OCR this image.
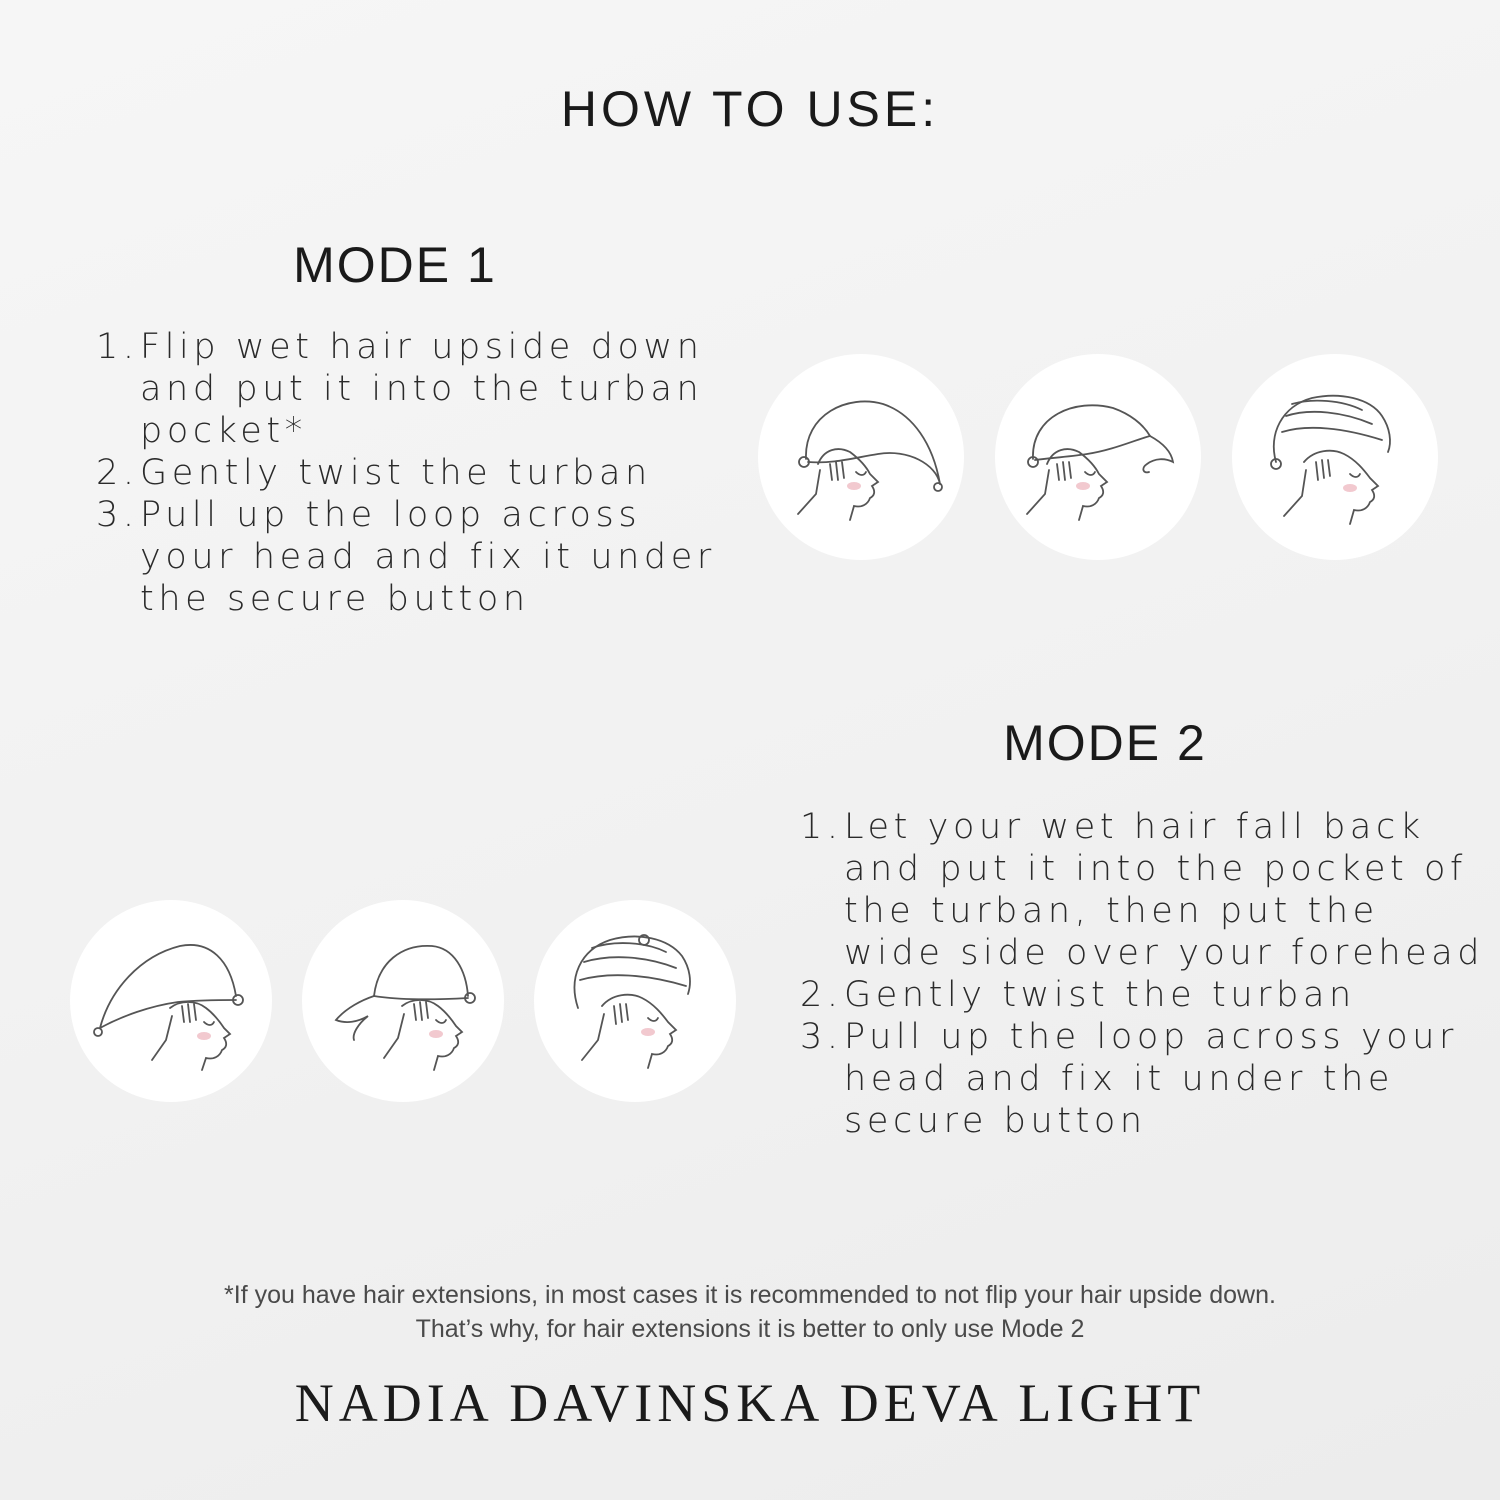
HOW TO USE:
MODE 1
1. Flip wet hair upside down and put it into the turban pocket*
2. Gently twist the turban
3. Pull up the loop across your head and fix it under the secure button
MODE 2
1. Let your wet hair fall back and put it into the pocket of the turban, then put the wide side over your forehead
2. Gently twist the turban
3. Pull up the loop across your head and fix it under the secure button
*If you have hair extensions, in most cases it is recommended to not flip your hair upside down.
That’s why, for hair extensions it is better to only use Mode 2
NADIA DAVINSKA DEVA LIGHT
